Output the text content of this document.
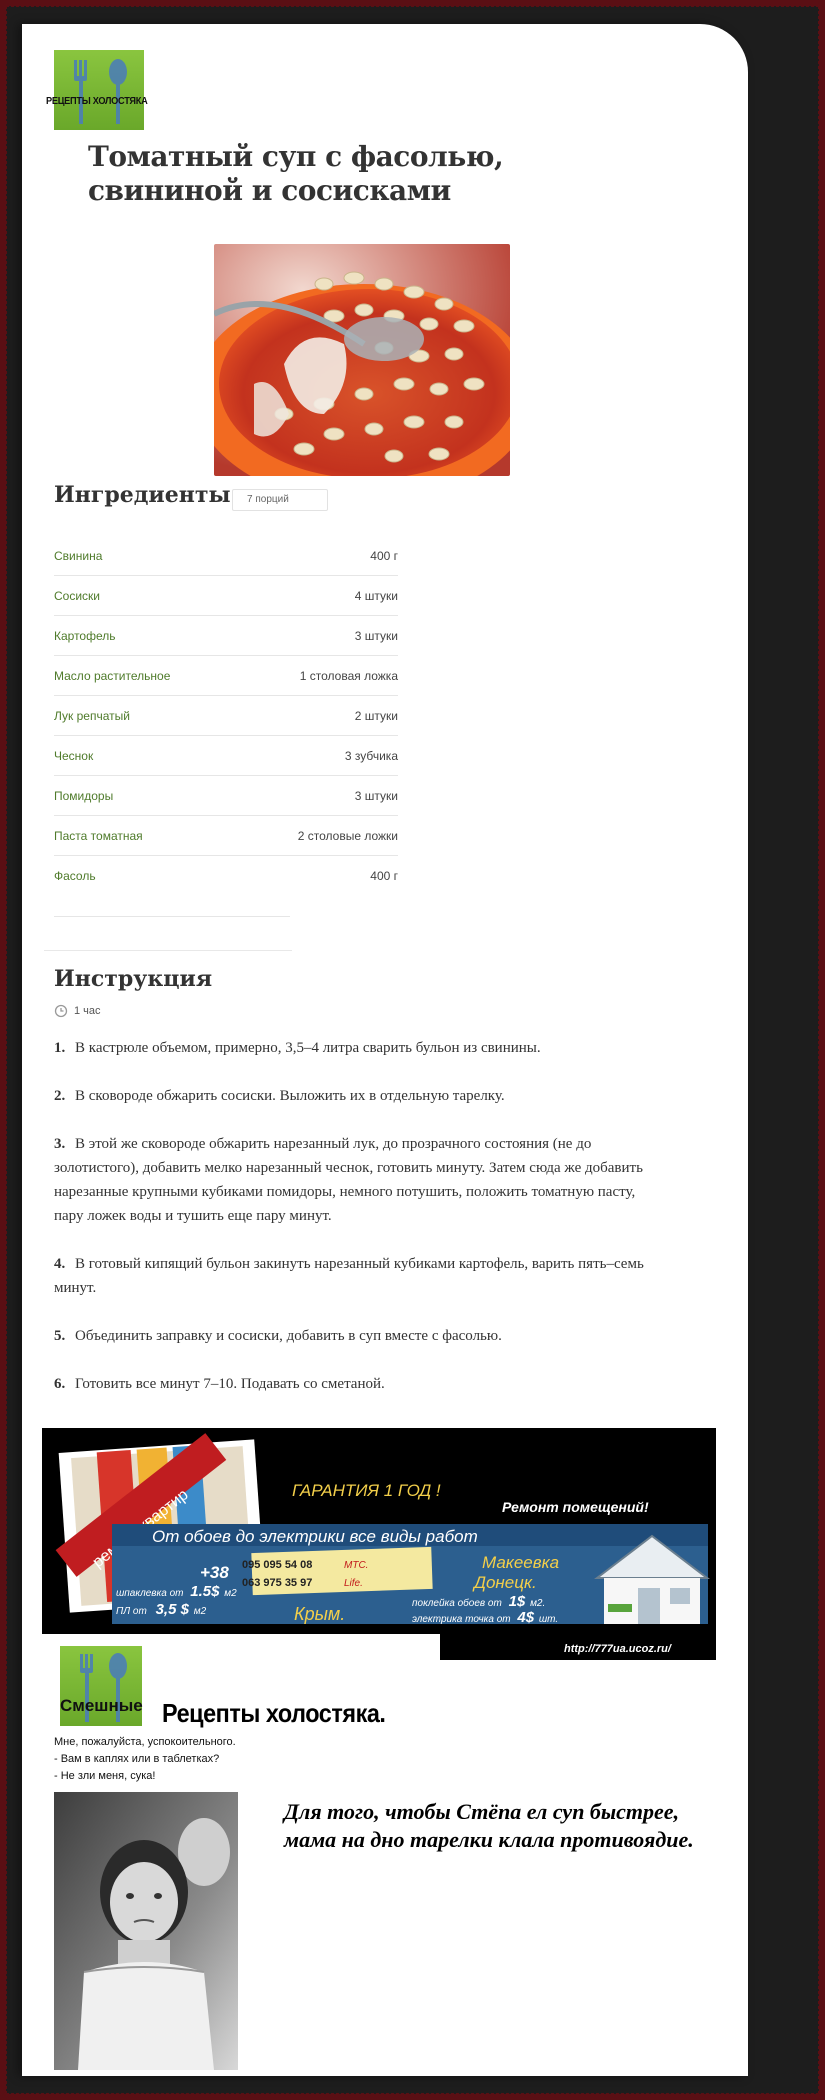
РЕЦЕПТЫ ХОЛОСТЯКА
Томатный суп с фасолью, свининой и сосисками
Ингредиенты	7 порций
Свинина	400 г
Сосиски	4 штуки
Картофель	3 штуки
Масло растительное	1 столовая ложка
Лук репчатый	2 штуки
Чеснок	3 зубчика
Помидоры	3 штуки
Паста томатная	2 столовые ложки
Фасоль	400 г
Инструкция
1 час

1. В кастрюле объемом, примерно, 3,5–4 литра сварить бульон из свинины.

2. В сковороде обжарить сосиски. Выложить их в отдельную тарелку.

3. В этой же сковороде обжарить нарезанный лук, до прозрачного состояния (не до золотистого), добавить мелко нарезанный чеснок, готовить минуту. Затем сюда же добавить нарезанные крупными кубиками помидоры, немного потушить, положить томатную пасту, пару ложек воды и тушить еще пару минут.

4. В готовый кипящий бульон закинуть нарезанный кубиками картофель, варить пять–семь минут.

5. Объединить заправку и сосиски, добавить в суп вместе с фасолью.

6. Готовить все минут 7–10. Подавать со сметаной.

квартир	ГАРАНТИЯ 1 ГОД !
Ремонт помещений!
От обоев до электрики все виды работ
+38 095 095 54 08
063 975 35 97
МТС.
Life.
шпаклевка от 1.5$ м2
ПЛ от 3,5 $ м2	Крым.
Макеевка
Донецк.
поклейка обоев от 1$ м2.
электрика точка от 4$ шт.
http://777ua.ucoz.ru/
Смешные Рецепты холостяка.
Мне, пожалуйста, успокоительного.
- Вам в каплях или в таблетках?
- Не зли меня, сука!
Для того, чтобы Стёпа ел суп быстрее, мама на дно тарелки клала противоядие.
